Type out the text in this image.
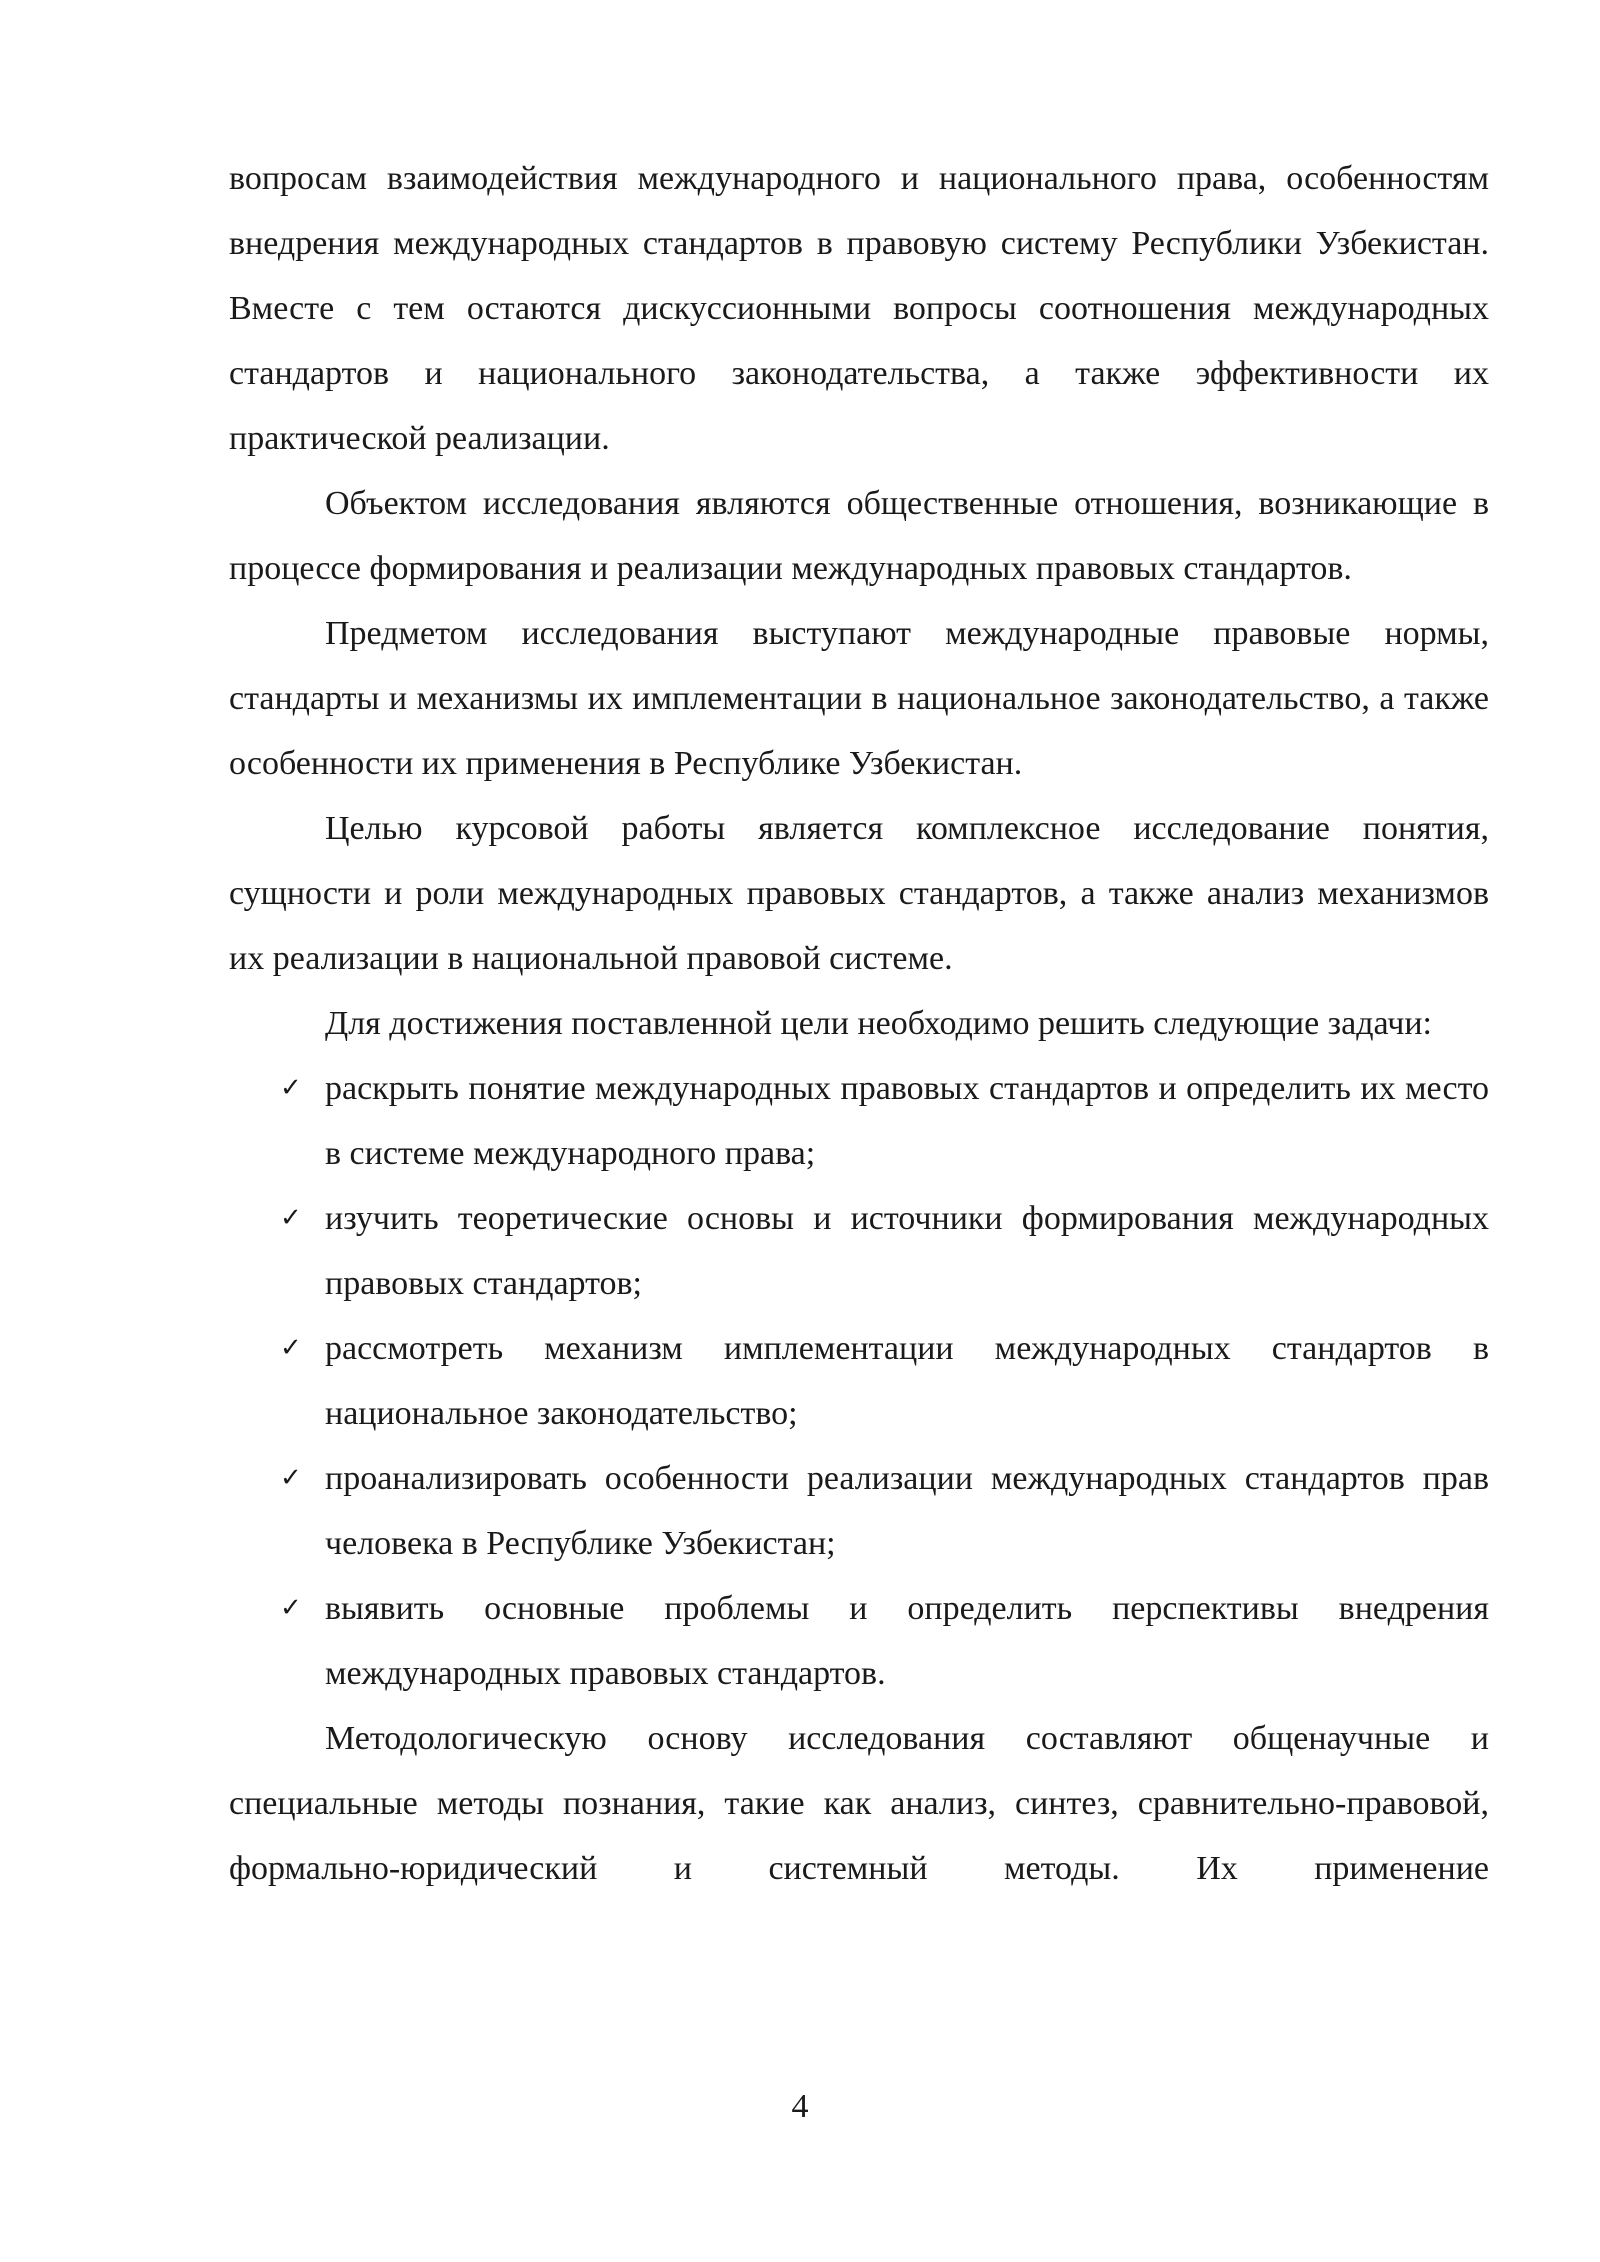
вопросам взаимодействия международного и национального права, особенностям внедрения международных стандартов в правовую систему Республики Узбекистан. Вместе с тем остаются дискуссионными вопросы соотношения международных стандартов и национального законодательства, а также эффективности их практической реализации.

Объектом исследования являются общественные отношения, возникающие в процессе формирования и реализации международных правовых стандартов.

Предметом исследования выступают международные правовые нормы, стандарты и механизмы их имплементации в национальное законодательство, а также особенности их применения в Республике Узбекистан.

Целью курсовой работы является комплексное исследование понятия, сущности и роли международных правовых стандартов, а также анализ механизмов их реализации в национальной правовой системе.

Для достижения поставленной цели необходимо решить следующие задачи:

✓ раскрыть понятие международных правовых стандартов и определить их место в системе международного права;
✓ изучить теоретические основы и источники формирования международных правовых стандартов;
✓ рассмотреть механизм имплементации международных стандартов в национальное законодательство;
✓ проанализировать особенности реализации международных стандартов прав человека в Республике Узбекистан;
✓ выявить основные проблемы и определить перспективы внедрения международных правовых стандартов.

Методологическую основу исследования составляют общенаучные и специальные методы познания, такие как анализ, синтез, сравнительно-правовой, формально-юридический и системный методы. Их применение

4
